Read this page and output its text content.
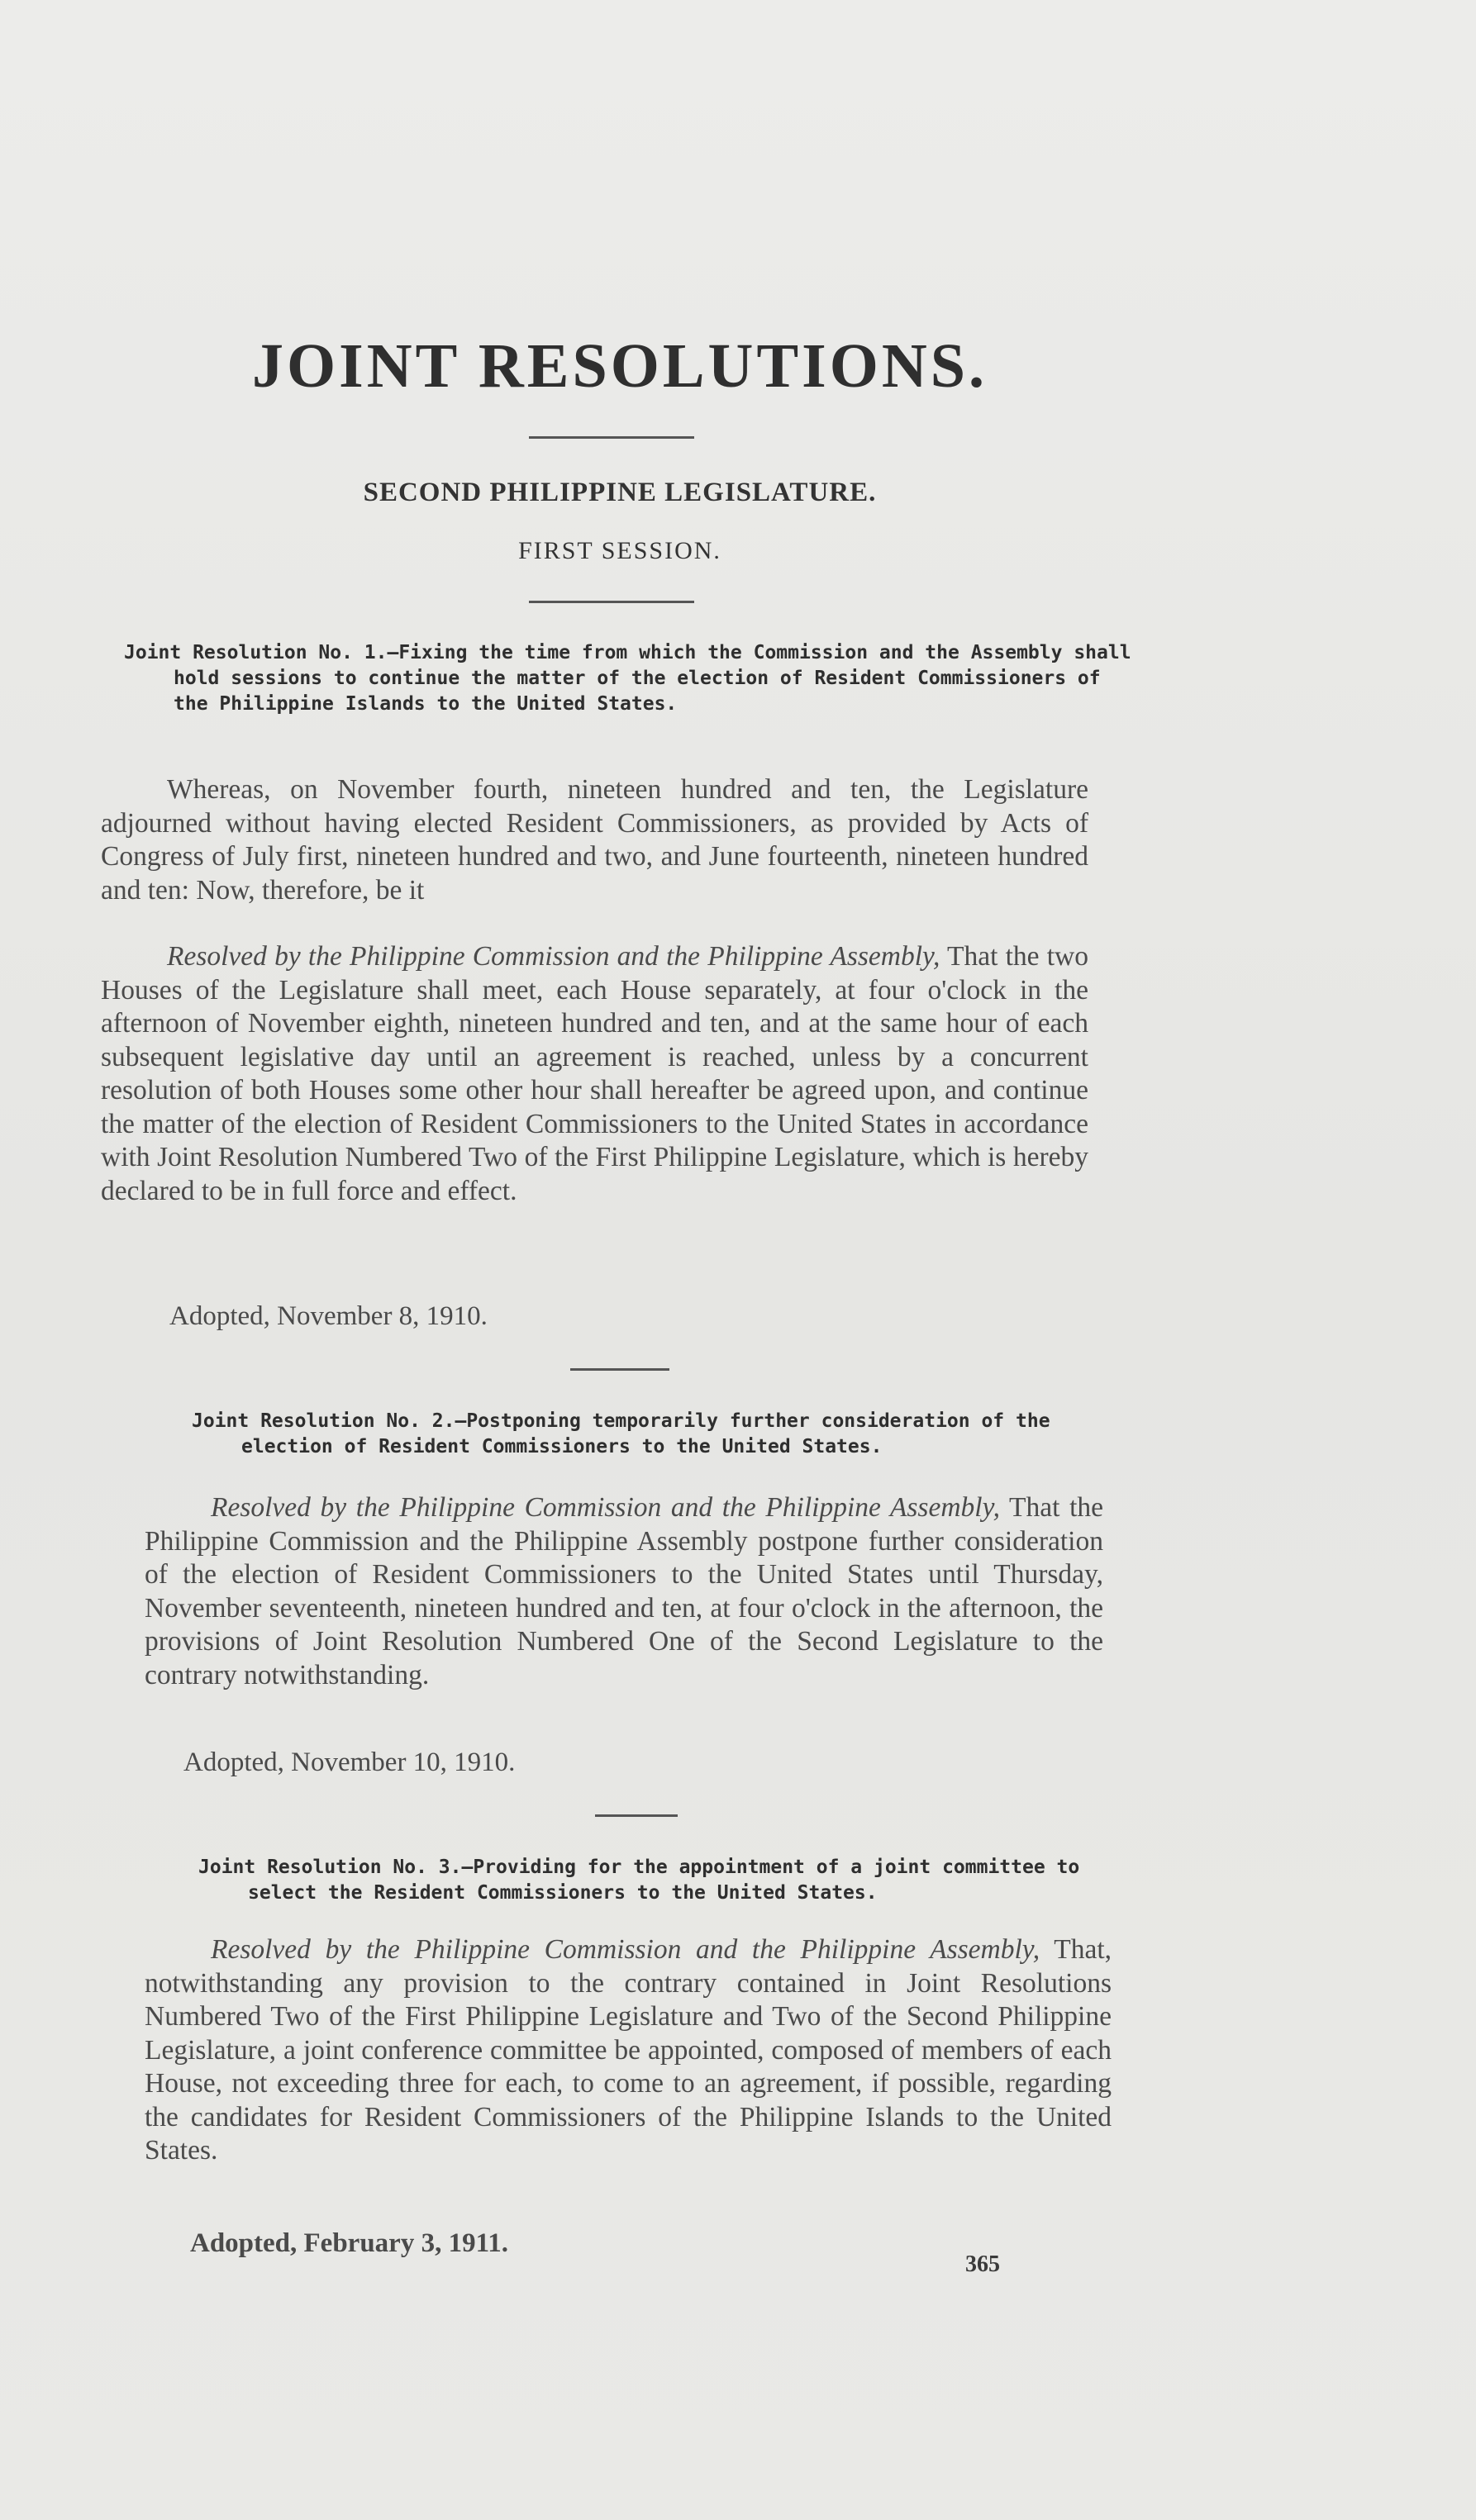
JOINT RESOLUTIONS.
SECOND PHILIPPINE LEGISLATURE.
FIRST SESSION.
Joint Resolution No. 1.—Fixing the time from which the Commission and the Assembly shall hold sessions to continue the matter of the election of Resident Commissioners of the Philippine Islands to the United States.
Whereas, on November fourth, nineteen hundred and ten, the Legislature adjourned without having elected Resident Commissioners, as provided by Acts of Congress of July first, nineteen hundred and two, and June fourteenth, nineteen hundred and ten: Now, therefore, be it
Resolved by the Philippine Commission and the Philippine Assembly, That the two Houses of the Legislature shall meet, each House separately, at four o'clock in the afternoon of November eighth, nineteen hundred and ten, and at the same hour of each subsequent legislative day until an agreement is reached, unless by a concurrent resolution of both Houses some other hour shall hereafter be agreed upon, and continue the matter of the election of Resident Commissioners to the United States in accordance with Joint Resolution Numbered Two of the First Philippine Legislature, which is hereby declared to be in full force and effect.
Adopted, November 8, 1910.
Joint Resolution No. 2.—Postponing temporarily further consideration of the election of Resident Commissioners to the United States.
Resolved by the Philippine Commission and the Philippine Assembly, That the Philippine Commission and the Philippine Assembly postpone further consideration of the election of Resident Commissioners to the United States until Thursday, November seventeenth, nineteen hundred and ten, at four o'clock in the afternoon, the provisions of Joint Resolution Numbered One of the Second Legislature to the contrary notwithstanding.
Adopted, November 10, 1910.
Joint Resolution No. 3.—Providing for the appointment of a joint committee to select the Resident Commissioners to the United States.
Resolved by the Philippine Commission and the Philippine Assembly, That, notwithstanding any provision to the contrary contained in Joint Resolutions Numbered Two of the First Philippine Legislature and Two of the Second Philippine Legislature, a joint conference committee be appointed, composed of members of each House, not exceeding three for each, to come to an agreement, if possible, regarding the candidates for Resident Commissioners of the Philippine Islands to the United States.
Adopted, February 3, 1911.
365
